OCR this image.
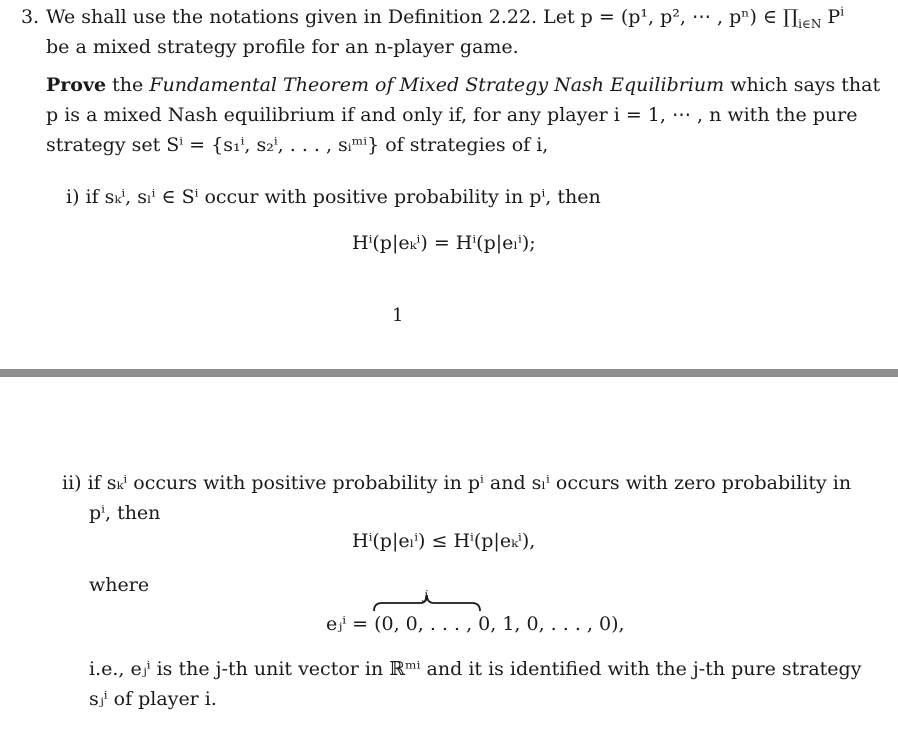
3. We shall use the notations given in Definition 2.22. Let p = (p¹, p², ⋯ , pⁿ) ∈ $\prod_{i\in N}$ $P^i$
be a mixed strategy profile for an n-player game.
Prove the Fundamental Theorem of Mixed Strategy Nash Equilibrium which says that
p is a mixed Nash equilibrium if and only if, for any player i = 1, ⋯ , n with the pure
strategy set Sⁱ = {s₁ⁱ, s₂ⁱ, . . . , sᵢᵐⁱ} of strategies of i,
i) if sₖⁱ, sₗⁱ ∈ Sⁱ occur with positive probability in pⁱ, then
Hⁱ(p|eₖⁱ) = Hⁱ(p|eₗⁱ);
1
ii) if sₖⁱ occurs with positive probability in pⁱ and sₗⁱ occurs with zero probability in
pⁱ, then
Hⁱ(p|eₗⁱ) ≤ Hⁱ(p|eₖⁱ),
where	j
eⱼⁱ = (0, 0, . . . , 0, 1, 0, . . . , 0),
i.e., eⱼⁱ is the j-th unit vector in ℝᵐⁱ and it is identified with the j-th pure strategy
sⱼⁱ of player i.
